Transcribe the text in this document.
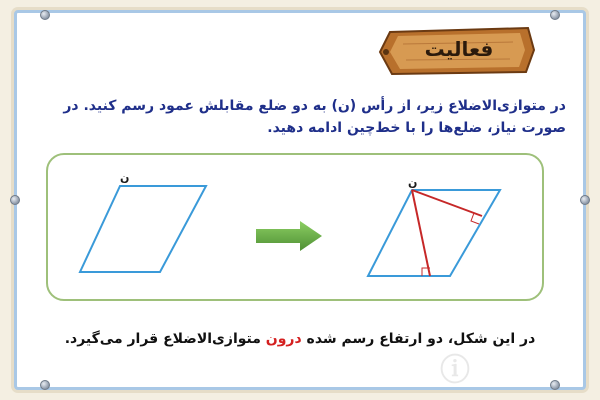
فعالیت
در متوازی‌الاضلاع زیر، از رأس (ن) به دو ضلع مقابلش عمود رسم کنید. در صورت نیاز، ضلع‌ها را با خط‌چین ادامه دهید.
ن	ن
در این شکل، دو ارتفاع رسم شده درون متوازی‌الاضلاع قرار می‌گیرد.
ⓘ
